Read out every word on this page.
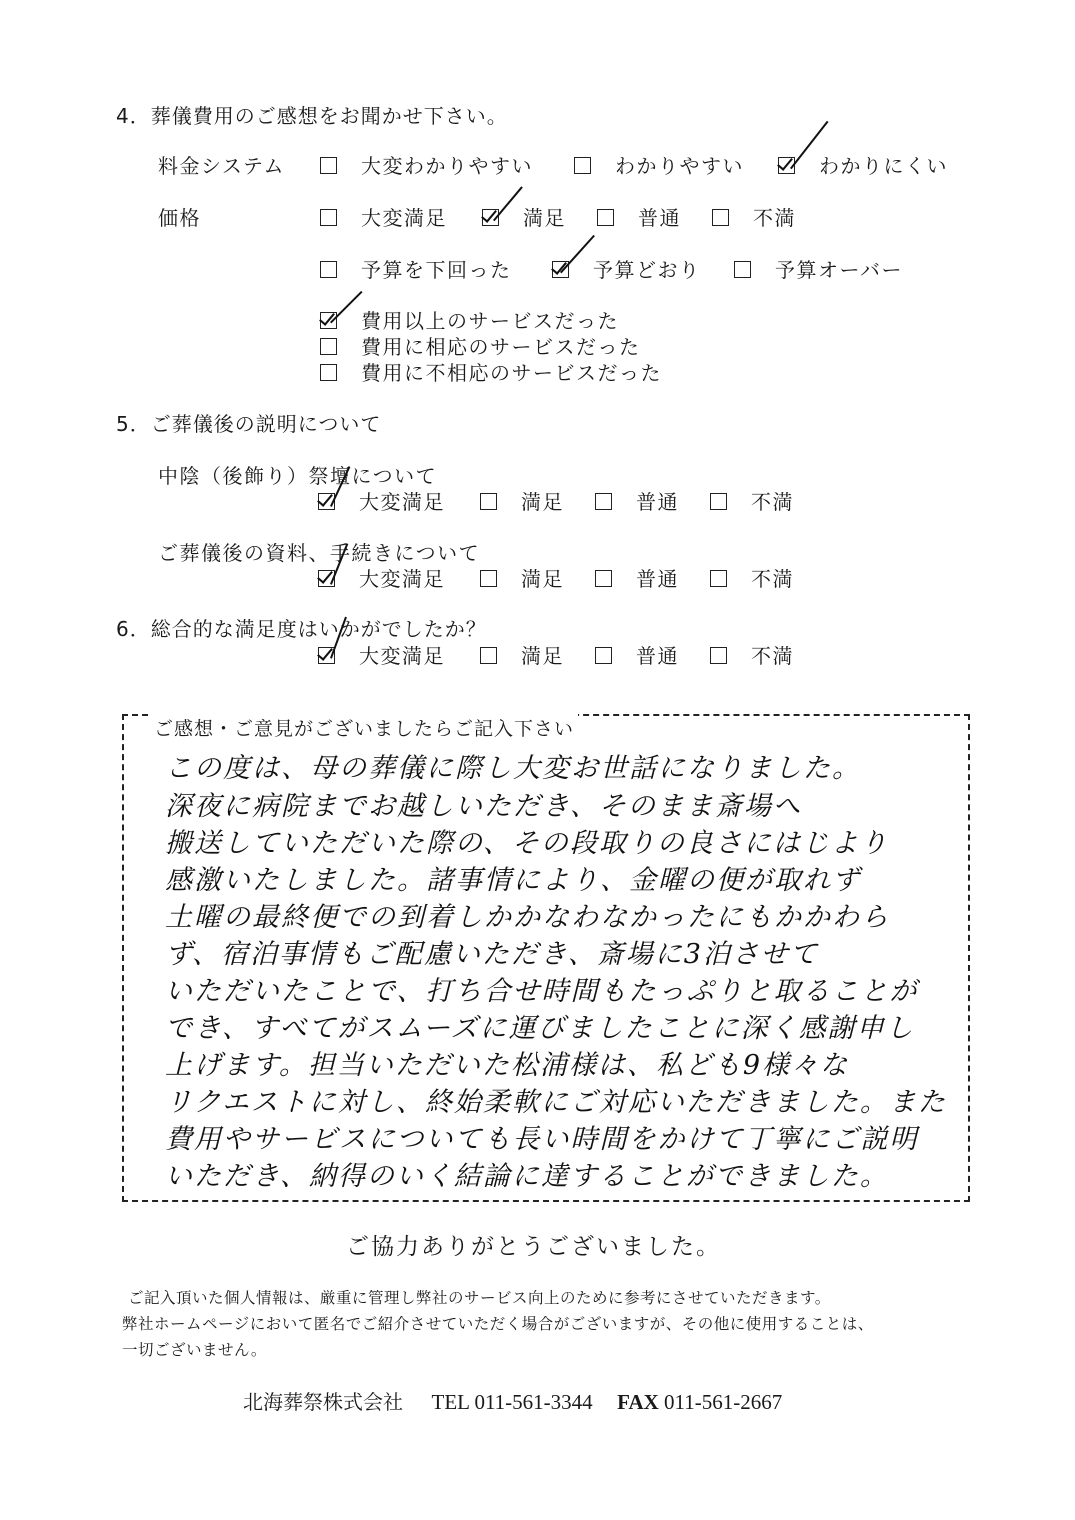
4．葬儀費用のご感想をお聞かせ下さい。
料金システム	大変わかりやすい	わかりやすい	わかりにくい
価格	大変満足	満足	普通	不満
予算を下回った	予算どおり	予算オーバー
費用以上のサービスだった
費用に相応のサービスだった
費用に不相応のサービスだった
5．ご葬儀後の説明について
中陰（後飾り）祭壇について
大変満足	満足	普通	不満
ご葬儀後の資料、手続きについて
大変満足	満足	普通	不満
6．総合的な満足度はいかがでしたか？
大変満足	満足	普通	不満
ご感想・ご意見がございましたらご記入下さい
この度は、母の葬儀に際し大変お世話になりました。
深夜に病院までお越しいただき、そのまま斎場へ
搬送していただいた際の、その段取りの良さにはじより
感激いたしました。諸事情により、金曜の便が取れず
土曜の最終便での到着しかかなわなかったにもかかわら
ず、宿泊事情もご配慮いただき、斎場に3泊させて
いただいたことで、打ち合せ時間もたっぷりと取ることが
でき、すべてがスムーズに運びましたことに深く感謝申し
上げます。担当いただいた松浦様は、私ども9様々な
リクエストに対し、終始柔軟にご対応いただきました。また
費用やサービスについても長い時間をかけて丁寧にご説明
いただき、納得のいく結論に達することができました。
ご協力ありがとうございました。
ご記入頂いた個人情報は、厳重に管理し弊社のサービス向上のために参考にさせていただきます。
弊社ホームページにおいて匿名でご紹介させていただく場合がございますが、その他に使用することは、
一切ございません。
北海葬祭株式会社 TEL 011-561-3344 FAX 011-561-2667
